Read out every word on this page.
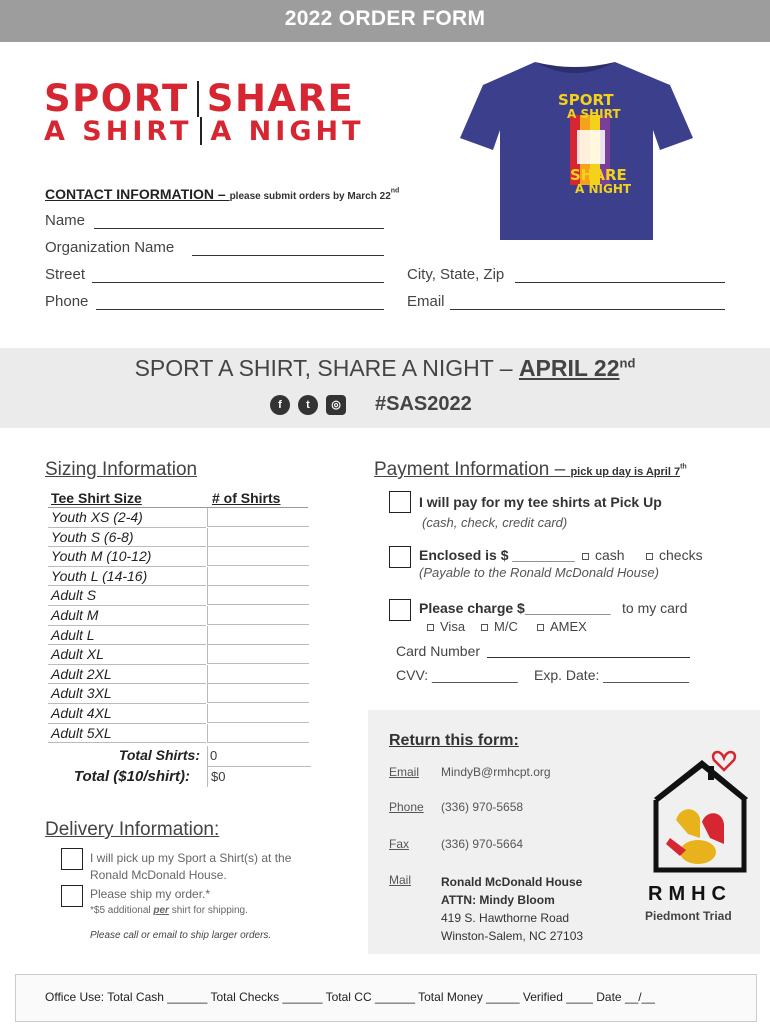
2022 ORDER FORM
SPORT SHARE
A SHIRT A NIGHT
SPORT
A SHIRT
SHARE
A NIGHT
CONTACT INFORMATION – please submit orders by March 22nd
Name
Organization Name
Street	City, State, Zip
Phone	Email
SPORT A SHIRT, SHARE A NIGHT – APRIL 22nd
f	t	◎ #SAS2022
Sizing Information
Tee Shirt Size	# of Shirts
Youth XS (2-4)
Youth S (6-8)
Youth M (10-12)
Youth L (14-16)
Adult S
Adult M
Adult L
Adult XL
Adult 2XL
Adult 3XL
Adult 4XL
Adult 5XL
Total Shirts: 0
Total ($10/shirt):	$0
Payment Information – pick up day is April 7th
I will pay for my tee shirts at Pick Up
(cash, check, credit card)
Enclosed is $ ________	cash	checks
(Payable to the Ronald McDonald House)
Please charge $___________ to my card
Visa	M/C	AMEX
Card Number
CVV: ___________ Exp. Date: ___________
Delivery Information:
I will pick up my Sport a Shirt(s) at the
Ronald McDonald House.
Please ship my order.*
*$5 additional per shirt for shipping.
Please call or email to ship larger orders.
Return this form:
Email MindyB@rmhcpt.org
Phone (336) 970-5658
Fax	(336) 970-5664
Mail Ronald McDonald House
ATTN: Mindy Bloom
419 S. Hawthorne Road
Winston-Salem, NC 27103
RMHC
Piedmont Triad
Office Use: Total Cash ______ Total Checks ______ Total CC ______ Total Money _____ Verified ____ Date __/__
